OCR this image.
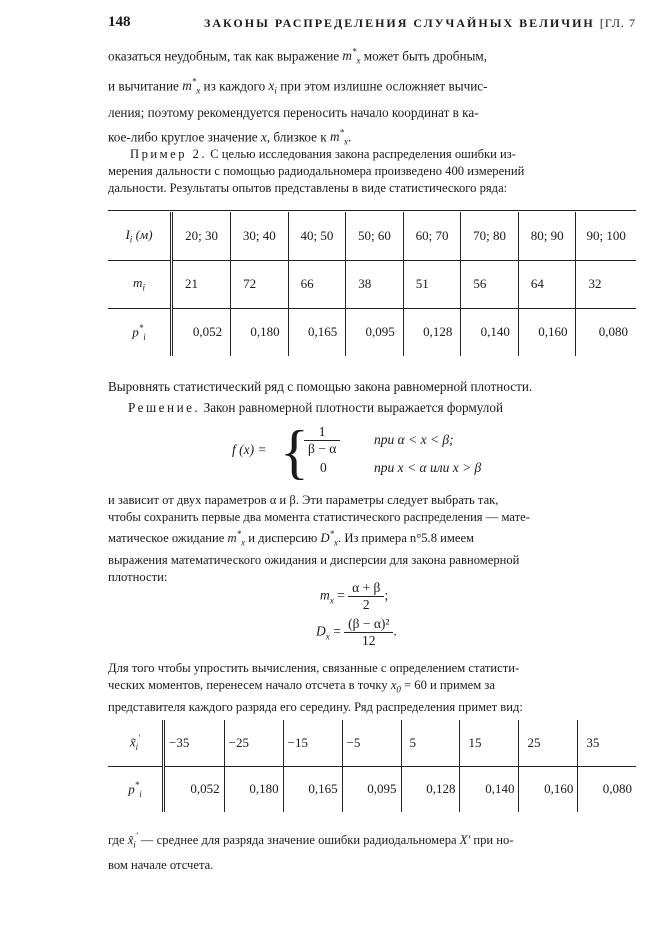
148	ЗАКОНЫ РАСПРЕДЕЛЕНИЯ СЛУЧАЙНЫХ ВЕЛИЧИН [ГЛ. 7

оказаться неудобным, так как выражение $m^*_x$ может быть дробным,
и вычитание $m^*_x$ из каждого $x_i$ при этом излишне осложняет вычис-
ления; поэтому рекомендуется переносить начало координат в ка-
кое-либо круглое значение x, близкое к $m^*_x$.

Пример 2. С целью исследования закона распределения ошибки из-
мерения дальности с помощью радиодальномера произведено 400 измерений
дальности. Результаты опытов представлены в виде статистического ряда:

$I_i$ (м)	20; 30	30; 40	40; 50	50; 60	60; 70	70; 80	80; 90	90; 100
$m_i$	21	72	66	38	51	56	64	32
$p^*_i$	0,052	0,180	0,165	0,095	0,128	0,140	0,160	0,080

Выровнять статистический ряд с помощью закона равномерной плотности.
Решение. Закон равномерной плотности выражается формулой

f (x) = {
$\frac{1}{\beta - \alpha}$ при α < x < β;
0	при x < α или x > β

и зависит от двух параметров α и β. Эти параметры следует выбрать так,
чтобы сохранить первые два момента статистического распределения — мате-
матическое ожидание $m^*_x$ и дисперсию $D^*_x$. Из примера n°5.8 имеем
выражения математического ожидания и дисперсии для закона равномерной
плотности:

$m_x = \frac{\alpha + \beta}{2}$ ;
$D_x = \frac{\text{(β − α)²}}{12}$ .

Для того чтобы упростить вычисления, связанные с определением статисти-
ческих моментов, перенесем начало отсчета в точку $x_0 = 60$ и примем за
представителя каждого разряда его середину. Ряд распределения примет вид:

$x̃_i'$	−35	−25	−15	−5	5	15	25	35
$p^*_i$	0,052	0,180	0,165	0,095	0,128	0,140	0,160	0,080

где $x̃_i'$ — среднее для разряда значение ошибки радиодальномера X′ при но-
вом начале отсчета.
